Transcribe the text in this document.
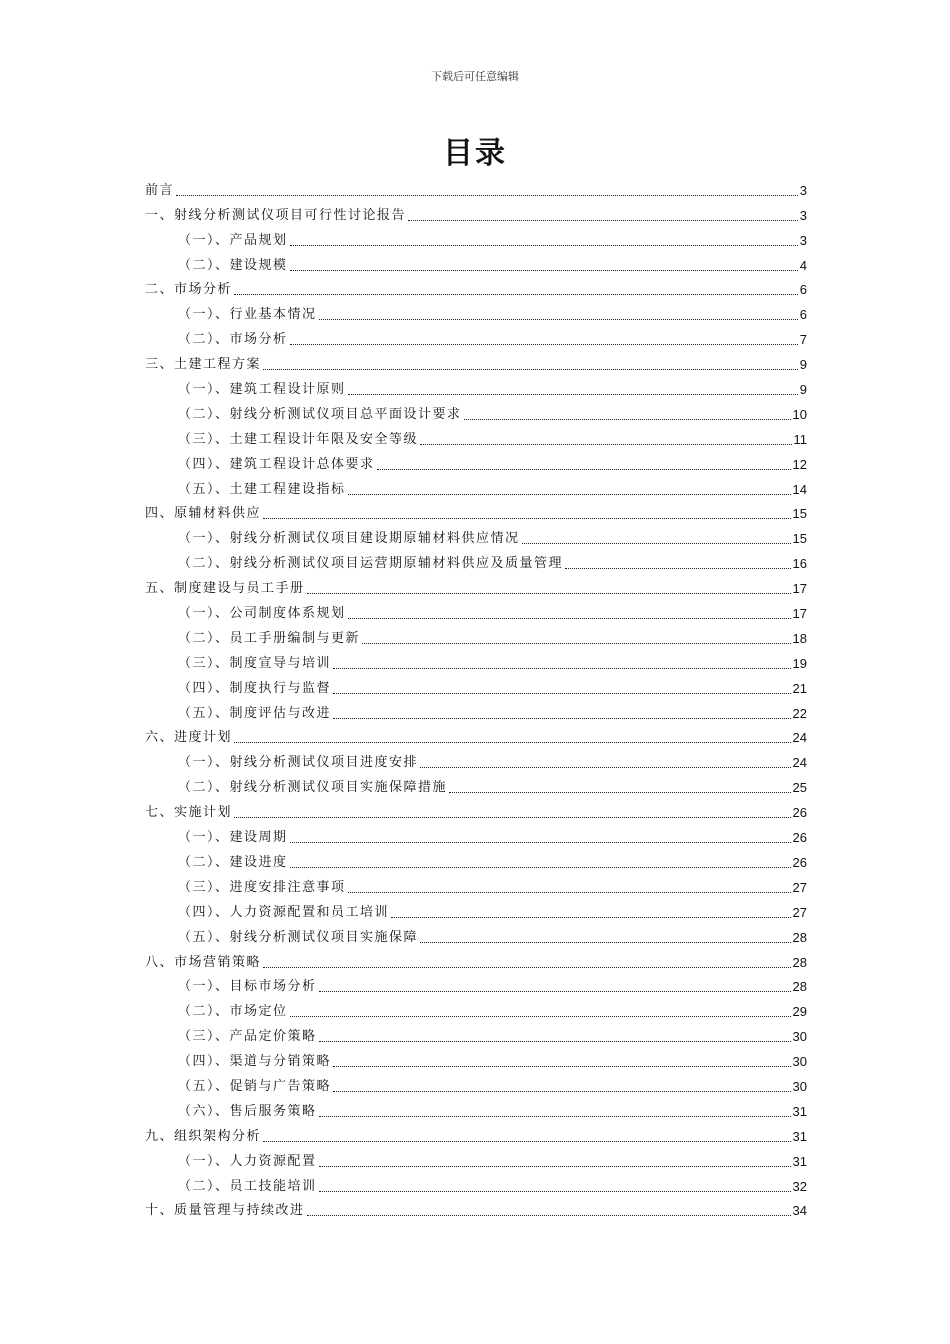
下载后可任意编辑
目录
前言	3
一、射线分析测试仪项目可行性讨论报告	3
（一）、产品规划	3
（二）、建设规模	4
二、市场分析	6
（一）、行业基本情况	6
（二）、市场分析	7
三、土建工程方案	9
（一）、建筑工程设计原则	9
（二）、射线分析测试仪项目总平面设计要求	10
（三）、土建工程设计年限及安全等级	11
（四）、建筑工程设计总体要求	12
（五）、土建工程建设指标	14
四、原辅材料供应	15
（一）、射线分析测试仪项目建设期原辅材料供应情况	15
（二）、射线分析测试仪项目运营期原辅材料供应及质量管理	16
五、制度建设与员工手册	17
（一）、公司制度体系规划	17
（二）、员工手册编制与更新	18
（三）、制度宣导与培训	19
（四）、制度执行与监督	21
（五）、制度评估与改进	22
六、进度计划	24
（一）、射线分析测试仪项目进度安排	24
（二）、射线分析测试仪项目实施保障措施	25
七、实施计划	26
（一）、建设周期	26
（二）、建设进度	26
（三）、进度安排注意事项	27
（四）、人力资源配置和员工培训	27
（五）、射线分析测试仪项目实施保障	28
八、市场营销策略	28
（一）、目标市场分析	28
（二）、市场定位	29
（三）、产品定价策略	30
（四）、渠道与分销策略	30
（五）、促销与广告策略	30
（六）、售后服务策略	31
九、组织架构分析	31
（一）、人力资源配置	31
（二）、员工技能培训	32
十、质量管理与持续改进	34
